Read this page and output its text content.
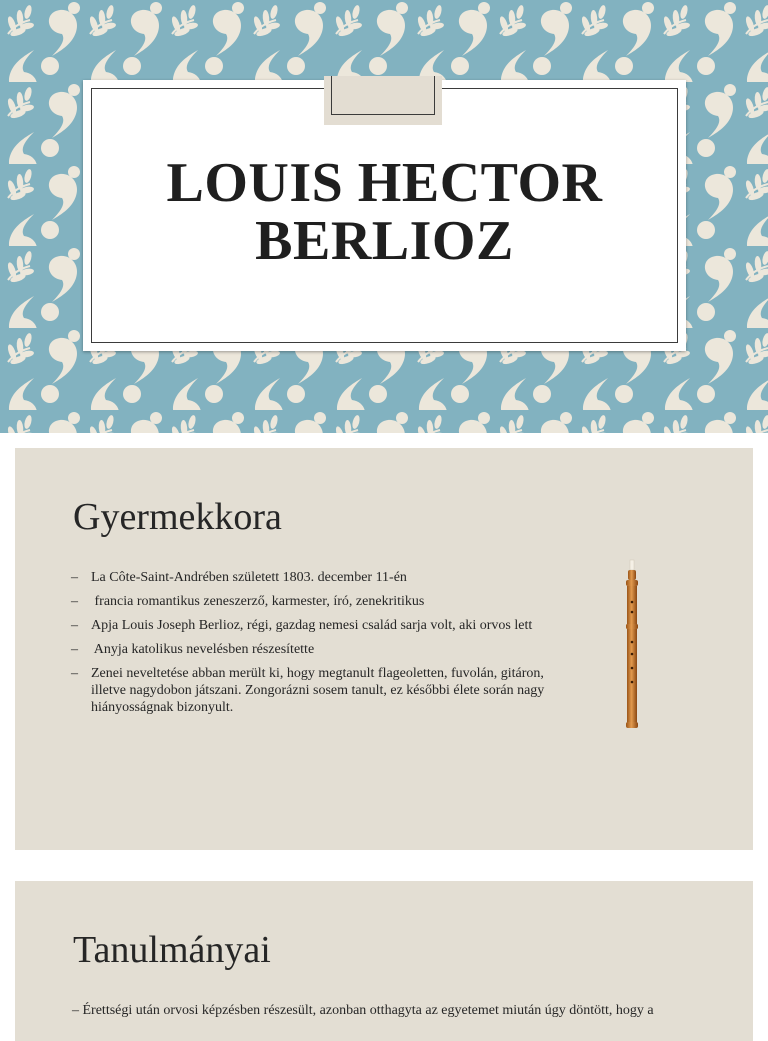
LOUIS HECTOR
BERLIOZ
Gyermekkora
– La Côte-Saint-Andrében született 1803. december 11-én
– francia romantikus zeneszerző, karmester, író, zenekritikus
– Apja Louis Joseph Berlioz, régi, gazdag nemesi család sarja volt, aki orvos lett
– Anyja katolikus nevelésben részesítette
– Zenei neveltetése abban merült ki, hogy megtanult flageoletten, fuvolán, gitáron, illetve nagydobon játszani. Zongorázni sosem tanult, ez későbbi élete során nagy hiányosságnak bizonyult.
Tanulmányai
– Érettségi után orvosi képzésben részesült, azonban otthagyta az egyetemet miután úgy döntött, hogy a
